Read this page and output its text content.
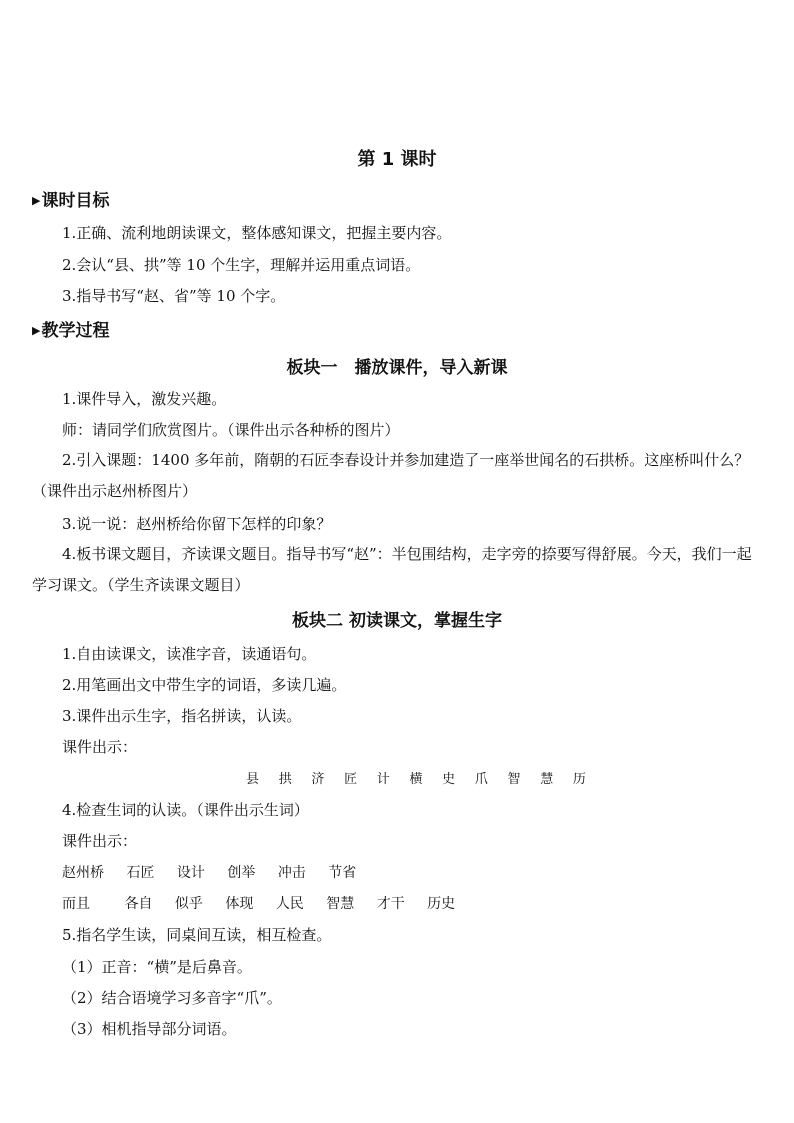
第 1 课时
▶课时目标
1.正确、流利地朗读课文，整体感知课文，把握主要内容。
2.会认“县、拱”等 10 个生字，理解并运用重点词语。
3.指导书写“赵、省”等 10 个字。
▶教学过程
板块一　播放课件，导入新课
1.课件导入，激发兴趣。
师：请同学们欣赏图片。（课件出示各种桥的图片）
2.引入课题：1400 多年前，隋朝的石匠李春设计并参加建造了一座举世闻名的石拱桥。这座桥叫什么？（课件出示赵州桥图片）
3.说一说：赵州桥给你留下怎样的印象？
4.板书课文题目，齐读课文题目。指导书写“赵”：半包围结构，走字旁的捺要写得舒展。今天，我们一起学习课文。（学生齐读课文题目）
板块二 初读课文，掌握生字
1.自由读课文，读准字音，读通语句。
2.用笔画出文中带生字的词语，多读几遍。
3.课件出示生字，指名拼读，认读。
课件出示：
县 拱 济 匠 计 横 史 爪 智 慧 历
4.检查生词的认读。（课件出示生词）
课件出示：
赵州桥 石匠 设计 创举 冲击 节省
而且 各自 似乎 体现 人民 智慧 才干 历史
5.指名学生读，同桌间互读，相互检查。
（1）正音：“横”是后鼻音。
（2）结合语境学习多音字“爪”。
（3）相机指导部分词语。
